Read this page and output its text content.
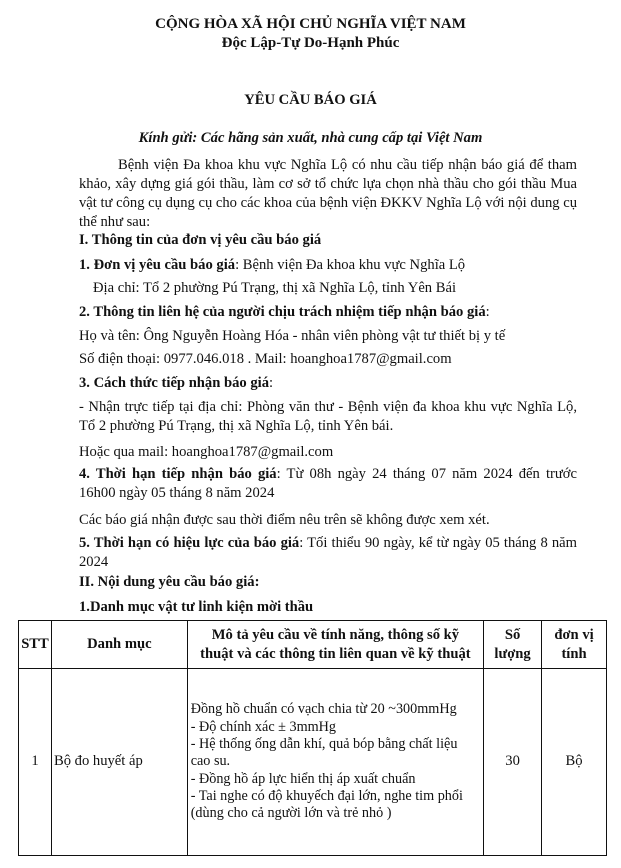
CỘNG HÒA XÃ HỘI CHỦ NGHĨA VIỆT NAM
Độc Lập-Tự Do-Hạnh Phúc
YÊU CẦU BÁO GIÁ
Kính gửi: Các hãng sản xuất, nhà cung cấp tại Việt Nam
Bệnh viện Đa khoa khu vực Nghĩa Lộ có nhu cầu tiếp nhận báo giá để tham khảo, xây dựng giá gói thầu, làm cơ sở tổ chức lựa chọn nhà thầu cho gói thầu Mua vật tư công cụ dụng cụ cho các khoa của bệnh viện ĐKKV Nghĩa Lộ với nội dung cụ thể như sau:
I. Thông tin của đơn vị yêu cầu báo giá
1. Đơn vị yêu cầu báo giá: Bệnh viện Đa khoa khu vực Nghĩa Lộ
Địa chỉ: Tổ 2 phường Pú Trạng, thị xã Nghĩa Lộ, tỉnh Yên Bái
2. Thông tin liên hệ của người chịu trách nhiệm tiếp nhận báo giá:
Họ và tên: Ông Nguyễn Hoàng Hóa - nhân viên phòng vật tư thiết bị y tế
Số điện thoại: 0977.046.018 . Mail: hoanghoa1787@gmail.com
3. Cách thức tiếp nhận báo giá:
- Nhận trực tiếp tại địa chỉ: Phòng văn thư - Bệnh viện đa khoa khu vực Nghĩa Lộ, Tổ 2 phường Pú Trạng, thị xã Nghĩa Lộ, tỉnh Yên bái.
Hoặc qua mail: hoanghoa1787@gmail.com
4. Thời hạn tiếp nhận báo giá: Từ 08h ngày 24 tháng 07 năm 2024 đến trước 16h00 ngày 05 tháng 8 năm 2024
Các báo giá nhận được sau thời điểm nêu trên sẽ không được xem xét.
5. Thời hạn có hiệu lực của báo giá: Tối thiểu 90 ngày, kể từ ngày 05 tháng 8 năm 2024
II. Nội dung yêu cầu báo giá:
1.Danh mục vật tư linh kiện mời thầu
STT	Danh mục	Mô tả yêu cầu về tính năng, thông số kỹ thuật và các thông tin liên quan về kỹ thuật	Số lượng	đơn vị tính
1	Bộ đo huyết áp	Đồng hồ chuẩn có vạch chia từ 20 ~300mmHg
- Độ chính xác ± 3mmHg
- Hệ thống ống dẫn khí, quả bóp bằng chất liệu cao su.
- Đồng hồ áp lực hiển thị áp xuất chuẩn
- Tai nghe có độ khuyếch đại lớn, nghe tim phổi (dùng cho cả người lớn và trẻ nhỏ )	30	Bộ
